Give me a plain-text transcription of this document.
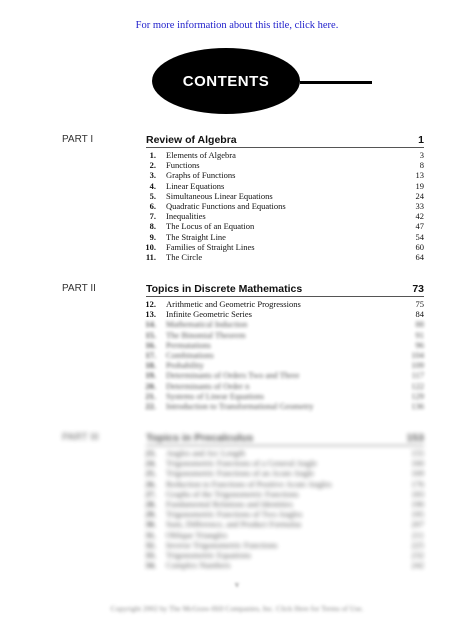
For more information about this title, click here.
CONTENTS
PART I	Review of Algebra	1
1. Elements of Algebra	3
2. Functions	8
3. Graphs of Functions	13
4. Linear Equations	19
5. Simultaneous Linear Equations	24
6. Quadratic Functions and Equations	33
7. Inequalities	42
8. The Locus of an Equation	47
9. The Straight Line	54
10. Families of Straight Lines	60
11. The Circle	64
PART II	Topics in Discrete Mathematics	73
12. Arithmetic and Geometric Progressions	75
13. Infinite Geometric Series	84
14. Mathematical Induction	88
15. The Binomial Theorem	91
16. Permutations	96
17. Combinations	104
18. Probability	109
19. Determinants of Orders Two and Three	117
20. Determinants of Order n	122
21. Systems of Linear Equations	129
22. Introduction to Transformational Geometry	136
PART III	Topics in Precalculus	153
23. Angles and Arc Length	155
24. Trigonometric Functions of a General Angle	160
25. Trigonometric Functions of an Acute Angle	169
26. Reduction to Functions of Positive Acute Angles	176
27. Graphs of the Trigonometric Functions	183
28. Fundamental Relations and Identities	190
29. Trigonometric Functions of Two Angles	195
30. Sum, Difference, and Product Formulas	207
31. Oblique Triangles	211
32. Inverse Trigonometric Functions	225
33. Trigonometric Equations	232
34. Complex Numbers	242
v
Copyright 2002 by The McGraw-Hill Companies, Inc. Click Here for Terms of Use.
